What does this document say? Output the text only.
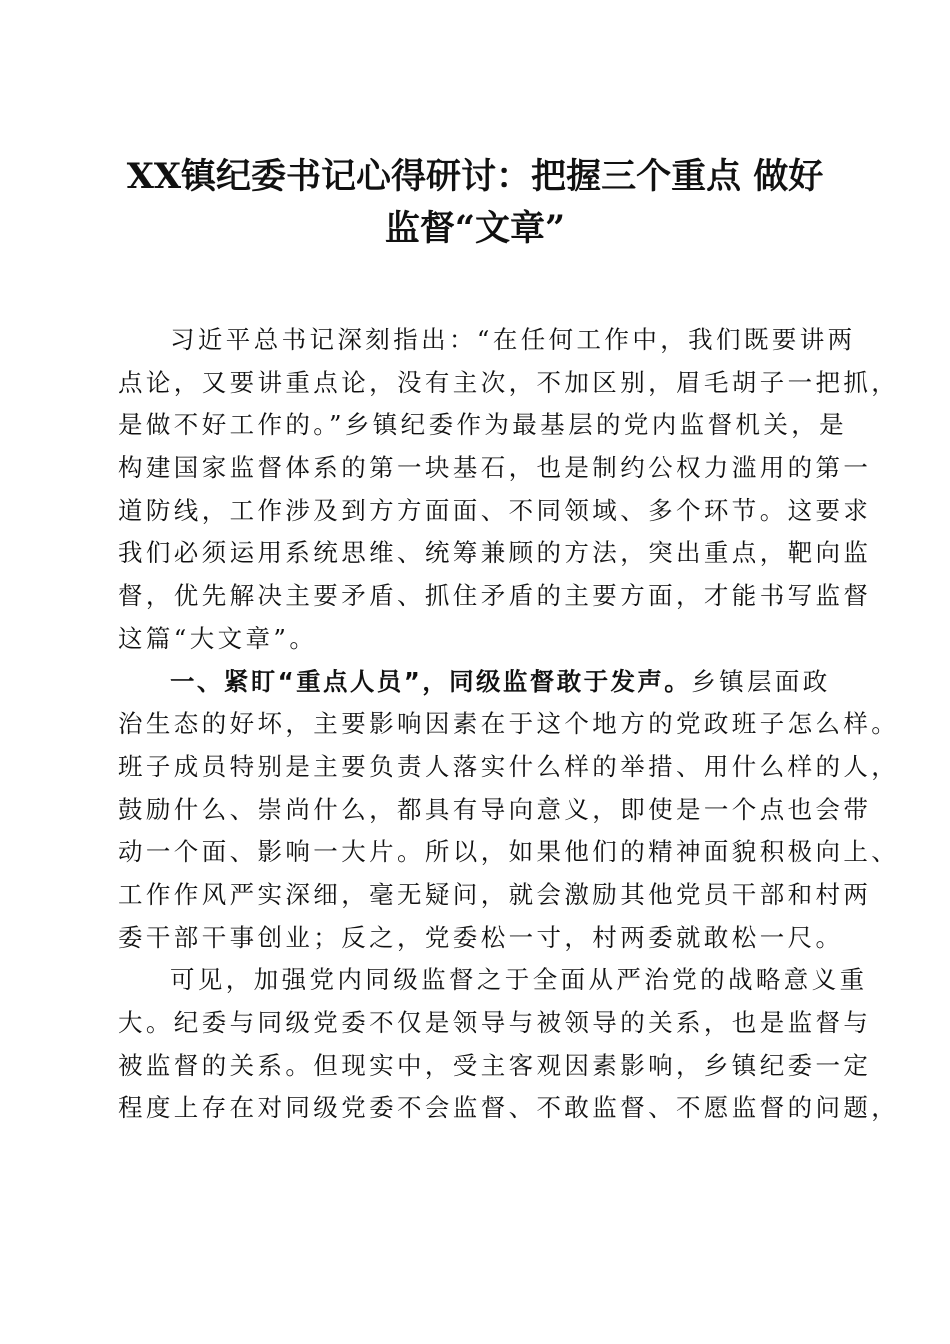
XX镇纪委书记心得研讨：把握三个重点 做好
监督“文章”
习近平总书记深刻指出：“在任何工作中，我们既要讲两
点论，又要讲重点论，没有主次，不加区别，眉毛胡子一把抓，
是做不好工作的。”乡镇纪委作为最基层的党内监督机关，是
构建国家监督体系的第一块基石，也是制约公权力滥用的第一
道防线，工作涉及到方方面面、不同领域、多个环节。这要求
我们必须运用系统思维、统筹兼顾的方法，突出重点，靶向监
督，优先解决主要矛盾、抓住矛盾的主要方面，才能书写监督
这篇“大文章”。
一、紧盯“重点人员”，同级监督敢于发声。乡镇层面政
治生态的好坏，主要影响因素在于这个地方的党政班子怎么样。
班子成员特别是主要负责人落实什么样的举措、用什么样的人，
鼓励什么、崇尚什么，都具有导向意义，即使是一个点也会带
动一个面、影响一大片。所以，如果他们的精神面貌积极向上、
工作作风严实深细，毫无疑问，就会激励其他党员干部和村两
委干部干事创业；反之，党委松一寸，村两委就敢松一尺。
可见，加强党内同级监督之于全面从严治党的战略意义重
大。纪委与同级党委不仅是领导与被领导的关系，也是监督与
被监督的关系。但现实中，受主客观因素影响，乡镇纪委一定
程度上存在对同级党委不会监督、不敢监督、不愿监督的问题，
